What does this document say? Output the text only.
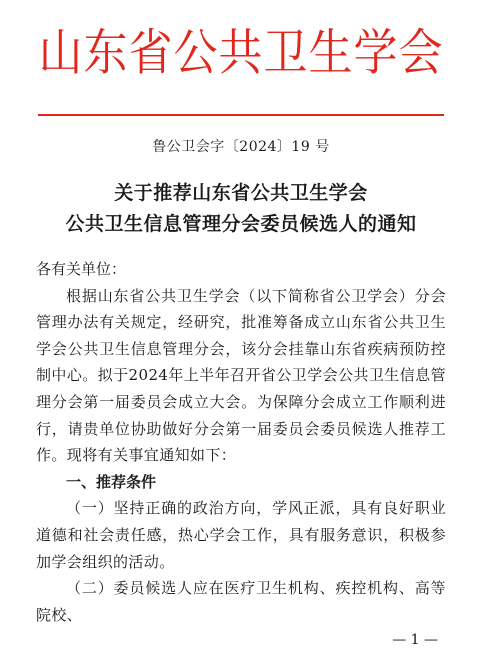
山东省公共卫生学会
鲁公卫会字〔2024〕19 号
关于推荐山东省公共卫生学会
公共卫生信息管理分会委员候选人的通知

各有关单位：

根据山东省公共卫生学会（以下简称省公卫学会）分会管理办法有关规定，经研究，批准筹备成立山东省公共卫生学会公共卫生信息管理分会，该分会挂靠山东省疾病预防控制中心。拟于2024年上半年召开省公卫学会公共卫生信息管理分会第一届委员会成立大会。为保障分会成立工作顺利进行，请贵单位协助做好分会第一届委员会委员候选人推荐工作。现将有关事宜通知如下：

一、推荐条件

（一）坚持正确的政治方向，学风正派，具有良好职业道德和社会责任感，热心学会工作，具有服务意识，积极参加学会组织的活动。

（二）委员候选人应在医疗卫生机构、疾控机构、高等院校、

— 1 —
